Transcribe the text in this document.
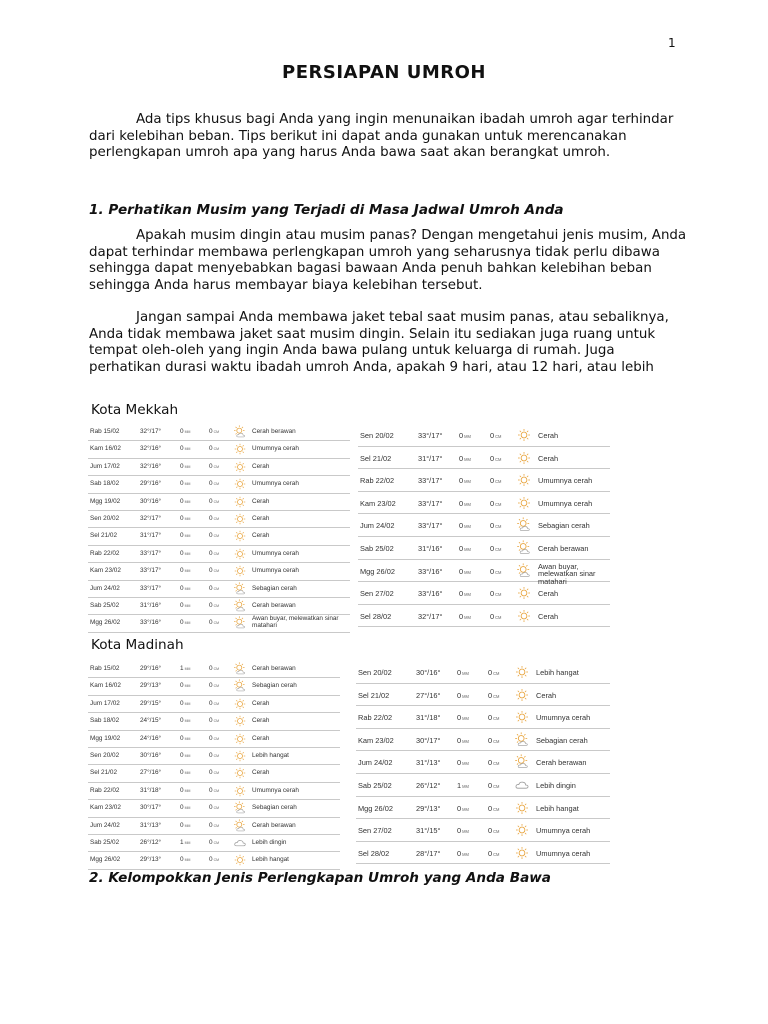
1
PERSIAPAN UMROH
Ada tips khusus bagi Anda yang ingin menunaikan ibadah umroh agar terhindar dari kelebihan beban. Tips berikut ini dapat anda gunakan untuk merencanakan perlengkapan umroh apa yang harus Anda bawa saat akan berangkat umroh.
1. Perhatikan Musim yang Terjadi di Masa Jadwal Umroh Anda
Apakah musim dingin atau musim panas? Dengan mengetahui jenis musim, Anda dapat terhindar membawa perlengkapan umroh yang seharusnya tidak perlu dibawa sehingga dapat menyebabkan bagasi bawaan Anda penuh bahkan kelebihan beban sehingga Anda harus membayar biaya kelebihan tersebut.
Jangan sampai Anda membawa jaket tebal saat musim panas, atau sebaliknya, Anda tidak membawa jaket saat musim dingin. Selain itu sediakan juga ruang untuk tempat oleh-oleh yang ingin Anda bawa pulang untuk keluarga di rumah. Juga perhatikan durasi waktu ibadah umroh Anda, apakah 9 hari, atau 12 hari, atau lebih
Kota Mekkah
Rab 15/02	32°/17°	0MM	0CM	Cerah berawan
Kam 16/02	32°/16°	0MM	0CM	Umumnya cerah
Jum 17/02	32°/16°	0MM	0CM	Cerah
Sab 18/02	29°/16°	0MM	0CM	Umumnya cerah
Mgg 19/02	30°/16°	0MM	0CM	Cerah
Sen 20/02	32°/17°	0MM	0CM	Cerah
Sel 21/02	31°/17°	0MM	0CM	Cerah
Rab 22/02	33°/17°	0MM	0CM	Umumnya cerah
Kam 23/02	33°/17°	0MM	0CM	Umumnya cerah
Jum 24/02	33°/17°	0MM	0CM	Sebagian cerah
Sab 25/02	31°/16°	0MM	0CM	Cerah berawan
Mgg 26/02	33°/16°	0MM	0CM
Awan buyar, melewatkan sinar matahari
Sen 20/02	33°/17° 0MM	0CM	Cerah
Sel 21/02	31°/17° 0MM	0CM	Cerah
Rab 22/02	33°/17° 0MM	0CM	Umumnya cerah
Kam 23/02	33°/17° 0MM	0CM	Umumnya cerah
Jum 24/02	33°/17° 0MM	0CM	Sebagian cerah
Sab 25/02	31°/16° 0MM	0CM	Cerah berawan
Mgg 26/02	33°/16° 0MM	0CM
Awan buyar, melewatkan sinar matahari
Sen 27/02	33°/16° 0MM	0CM	Cerah
Sel 28/02	32°/17° 0MM	0CM	Cerah
Kota Madinah
Rab 15/02	29°/16°	1MM	0CM	Cerah berawan
Kam 16/02	29°/13°	0MM	0CM	Sebagian cerah
Jum 17/02	29°/15°	0MM	0CM	Cerah
Sab 18/02	24°/15°	0MM	0CM	Cerah
Mgg 19/02	24°/16°	0MM	0CM	Cerah
Sen 20/02	30°/16°	0MM	0CM	Lebih hangat
Sel 21/02	27°/16°	0MM	0CM	Cerah
Rab 22/02	31°/18°	0MM	0CM	Umumnya cerah
Kam 23/02	30°/17°	0MM	0CM	Sebagian cerah
Jum 24/02	31°/13°	0MM	0CM	Cerah berawan
Sab 25/02	26°/12°	1MM	0CM	Lebih dingin
Mgg 26/02	29°/13°	0MM	0CM	Lebih hangat
Sen 20/02	30°/16° 0MM	0CM	Lebih hangat
Sel 21/02	27°/16° 0MM	0CM	Cerah
Rab 22/02	31°/18° 0MM	0CM	Umumnya cerah
Kam 23/02	30°/17° 0MM	0CM	Sebagian cerah
Jum 24/02	31°/13° 0MM	0CM	Cerah berawan
Sab 25/02	26°/12° 1MM	0CM	Lebih dingin
Mgg 26/02	29°/13° 0MM	0CM	Lebih hangat
Sen 27/02	31°/15° 0MM	0CM	Umumnya cerah
Sel 28/02	28°/17° 0MM	0CM	Umumnya cerah
2. Kelompokkan Jenis Perlengkapan Umroh yang Anda Bawa
